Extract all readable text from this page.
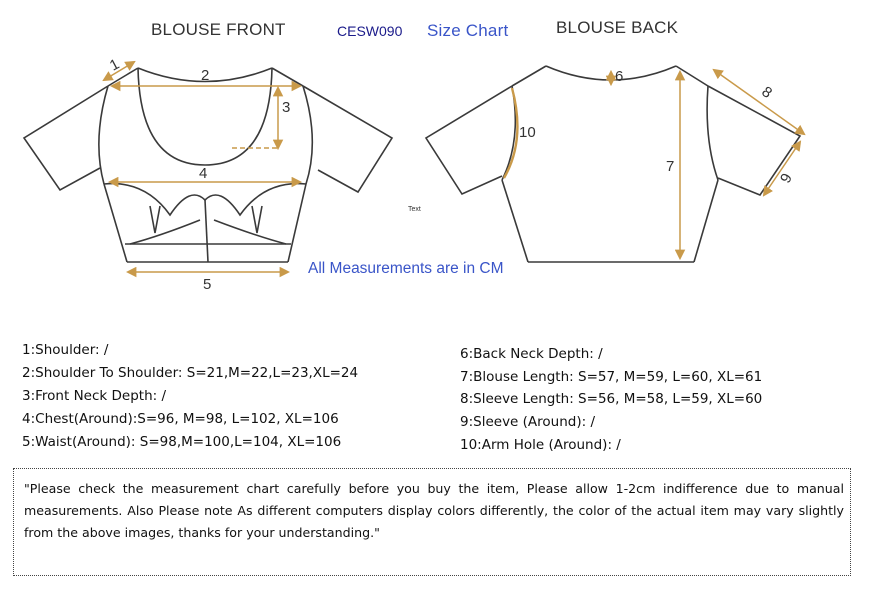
BLOUSE FRONT	CESW090 Size Chart	BLOUSE BACK
1
2
3
4
5
6
7
8
9
10
Text
All Measurements are in CM
1:Shoulder: /
2:Shoulder To Shoulder: S=21,M=22,L=23,XL=24
3:Front Neck Depth: /
4:Chest(Around):S=96, M=98, L=102, XL=106
5:Waist(Around): S=98,M=100,L=104, XL=106
6:Back Neck Depth: /
7:Blouse Length: S=57, M=59, L=60, XL=61
8:Sleeve Length: S=56, M=58, L=59, XL=60
9:Sleeve (Around): /
10:Arm Hole (Around): /

"Please check the measurement chart carefully before you buy the item, Please allow 1-2cm indifference due to manual measurements. Also Please note As different computers display colors differently, the color of the actual item may vary slightly from the above images, thanks for your understanding."
